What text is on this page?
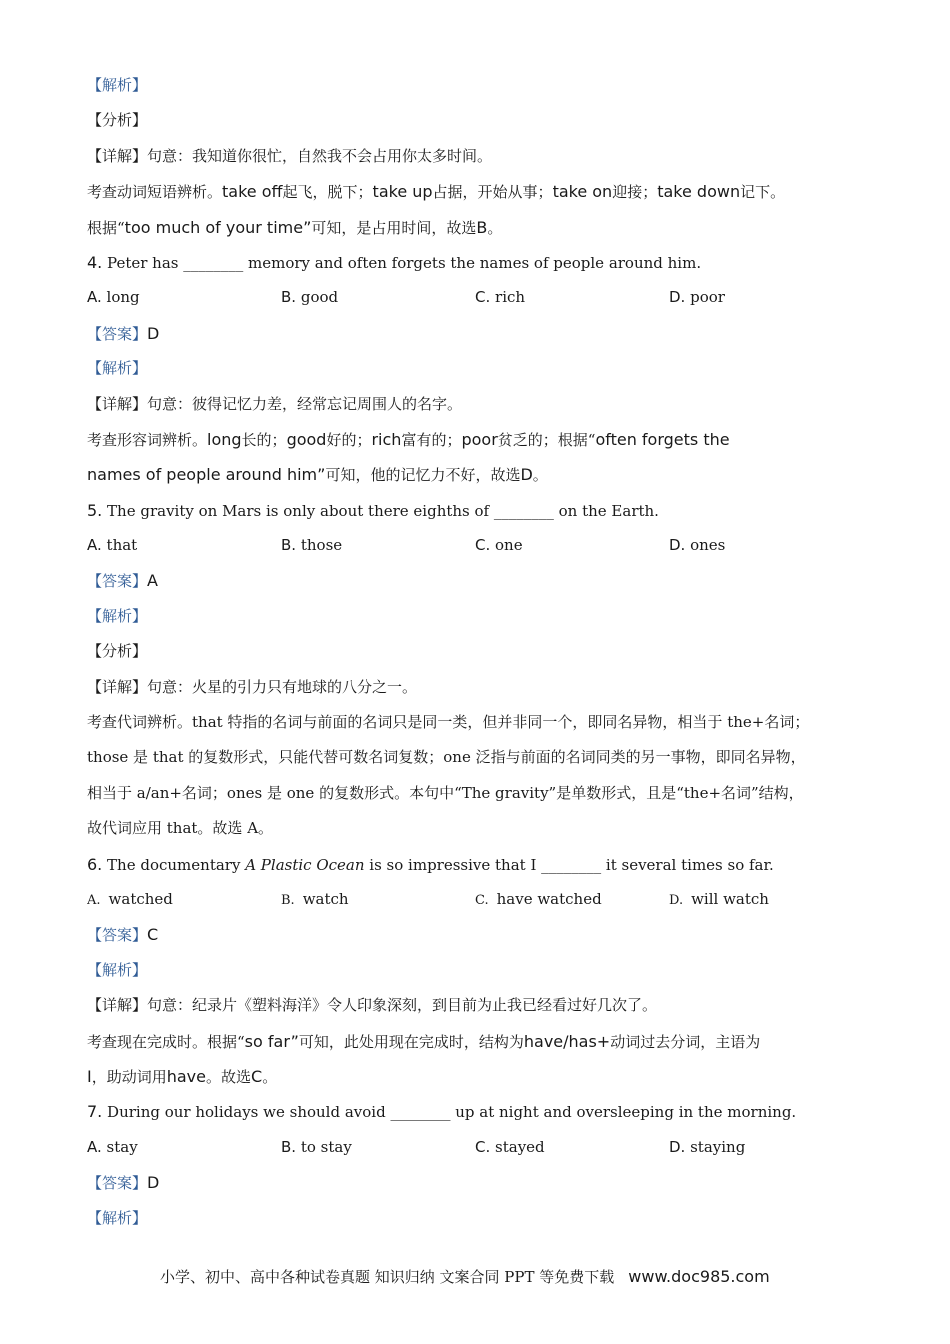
【解析】
【分析】
【详解】句意：我知道你很忙，自然我不会占用你太多时间。
考查动词短语辨析。take off起飞，脱下；take up占据，开始从事；take on迎接；take down记下。
根据“too much of your time”可知，是占用时间，故选B。
4. Peter has ________ memory and often forgets the names of people around him.
A. long	B. good	C. rich	D. poor
【答案】D
【解析】
【详解】句意：彼得记忆力差，经常忘记周围人的名字。
考查形容词辨析。long长的；good好的；rich富有的；poor贫乏的；根据“often forgets the
names of people around him”可知，他的记忆力不好，故选D。
5. The gravity on Mars is only about there eighths of ________ on the Earth.
A. that	B. those	C. one	D. ones
【答案】A
【解析】
【分析】
【详解】句意：火星的引力只有地球的八分之一。
考查代词辨析。that 特指的名词与前面的名词只是同一类，但并非同一个，即同名异物，相当于 the+名词；
those 是 that 的复数形式，只能代替可数名词复数；one 泛指与前面的名词同类的另一事物，即同名异物，
相当于 a/an+名词；ones 是 one 的复数形式。本句中“The gravity”是单数形式，且是“the+名词”结构，
故代词应用 that。故选 A。
6. The documentary A Plastic Ocean is so impressive that I ________ it several times so far.
A. watched	B. watch	C. have watched	D. will watch
【答案】C
【解析】
【详解】句意：纪录片《塑料海洋》令人印象深刻，到目前为止我已经看过好几次了。
考查现在完成时。根据“so far”可知，此处用现在完成时，结构为have/has+动词过去分词，主语为
I，助动词用have。故选C。
7. During our holidays we should avoid ________ up at night and oversleeping in the morning.
A. stay	B. to stay	C. stayed	D. staying
【答案】D
【解析】
小学、初中、高中各种试卷真题 知识归纳 文案合同 PPT 等免费下载 www.doc985.com
